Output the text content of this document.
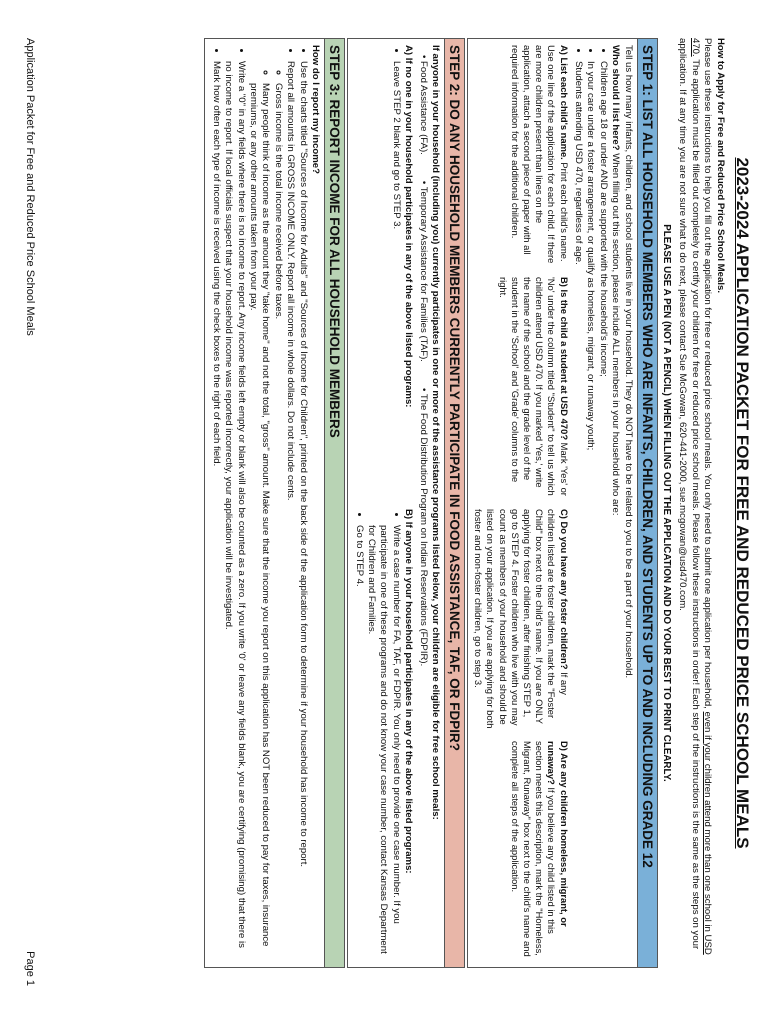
2023-2024 APPLICATION PACKET FOR FREE AND REDUCED PRICE SCHOOL MEALS

How to Apply for Free and Reduced Price School Meals.
Please use these instructions to help you fill out the application for free or reduced price school meals. You only need to submit one application per household, even if your children attend more than one school in USD 470. The application must be filled out completely to certify your children for free or reduced price school meals. Please follow these instructions in order! Each step of the instructions is the same as the steps on your application. If at any time you are not sure what to do next, please contact Sue McGowan, 620-441-2000, sue.mcgowan@usd470.com.

PLEASE USE A PEN (NOT A PENCIL) WHEN FILLING OUT THE APPLICATION AND DO YOUR BEST TO PRINT CLEARLY.
STEP 1: LIST ALL HOUSEHOLD MEMBERS WHO ARE INFANTS, CHILDREN, AND STUDENTS UP TO AND INCLUDING GRADE 12

Tell us how many infants, children, and school students live in your household. They do NOT have to be related to you to be a part of your household.

Who should I list here? When filling out this section, please include ALL members in your household who are:

• Children age 18 or under AND are supported with the household's income;
• In your care under a foster arrangement, or qualify as homeless, migrant, or runaway youth;
• Students attending USD 470, regardless of age.
A) List each child's name. Print each child's name. Use one line of the application for each child. If there are more children present than lines on the application, attach a second piece of paper with all required information for the additional children.
B) Is the child a student at USD 470? Mark 'Yes' or 'No' under the column titled "Student" to tell us which children attend USD 470. If you marked 'Yes,' write the name of the school and the grade level of the student in the 'School' and 'Grade' columns to the right.
C) Do you have any foster children? If any children listed are foster children, mark the "Foster Child" box next to the child's name. If you are ONLY applying for foster children, after finishing STEP 1, go to STEP 4. Foster children who live with you may count as members of your household and should be listed on your application. If you are applying for both foster and non-foster children, go to step 3.
D) Are any children homeless, migrant, or runaway? If you believe any child listed in this section meets this description, mark the "Homeless, Migrant, Runaway" box next to the child's name and complete all steps of the application.
STEP 2: DO ANY HOUSEHOLD MEMBERS CURRENTLY PARTICIPATE IN FOOD ASSISTANCE, TAF, OR FDPIR?

If anyone in your household (including you) currently participates in one or more of the assistance programs listed below, your children are eligible for free school meals:

• Food Assistance (FA).
• Temporary Assistance for Families (TAF).
• The Food Distribution Program on Indian Reservations (FDPIR).
A) If no one in your household participates in any of the above listed programs:
• Leave STEP 2 blank and go to STEP 3.
B) If anyone in your household participates in any of the above listed programs:
• Write a case number for FA, TAF, or FDPIR. You only need to provide one case number. If you participate in one of these programs and do not know your case number, contact Kansas Department for Children and Families.
• Go to STEP 4.
STEP 3: REPORT INCOME FOR ALL HOUSEHOLD MEMBERS

How do I report my income?

• Use the charts titled "Sources of Income for Adults" and "Sources of Income for Children", printed on the back side of the application form to determine if your household has income to report.
• Report all amounts in GROSS INCOME ONLY. Report all income in whole dollars. Do not include cents.
◦ Gross income is the total income received before taxes.
◦ Many people think of income as the amount they "take home" and not the total, "gross" amount. Make sure that the income you report on this application has NOT been reduced to pay for taxes, insurance premiums, or any other amounts taken from your pay.
• Write a "0" in any fields where there is no income to report. Any income fields left empty or blank will also be counted as a zero. If you write '0' or leave any fields blank, you are certifying (promising) that there is no income to report. If local officials suspect that your household income was reported incorrectly, your application will be investigated.
• Mark how often each type of income is received using the check boxes to the right of each field.
Application Packet for Free and Reduced Price School Meals
Page 1
